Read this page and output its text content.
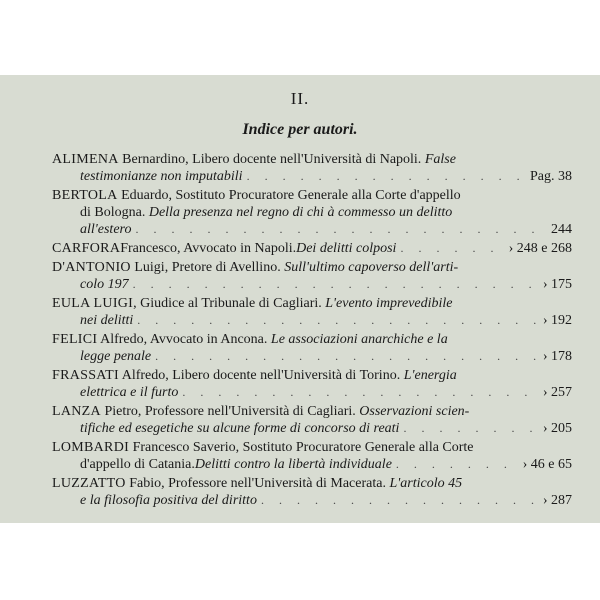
II.
Indice per autori.
ALIMENA Bernardino, Libero docente nell'Università di Napoli. False
testimonianze non imputabili . . .	Pag. 38
BERTOLA Eduardo, Sostituto Procuratore Generale alla Corte d'appello
di Bologna. Della presenza nel regno di chi à commesso un delitto
all'estero . . .	244
CARFORA Francesco, Avvocato in Napoli. Dei delitti colposi . . .	› 248 e 268
D'ANTONIO Luigi, Pretore di Avellino. Sull'ultimo capoverso dell'arti-
colo 197 . . .	› 175
EULA LUIGI, Giudice al Tribunale di Cagliari. L'evento imprevedibile
nei delitti . . .	› 192
FELICI Alfredo, Avvocato in Ancona. Le associazioni anarchiche e la
legge penale . . .	› 178
FRASSATI Alfredo, Libero docente nell'Università di Torino. L'energia
elettrica e il furto . . .	› 257
LANZA Pietro, Professore nell'Università di Cagliari. Osservazioni scien-
tifiche ed esegetiche su alcune forme di concorso di reati . . .	› 205
LOMBARDI Francesco Saverio, Sostituto Procuratore Generale alla Corte
d'appello di Catania. Delitti contro la libertà individuale . . .	› 46 e 65
LUZZATTO Fabio, Professore nell'Università di Macerata. L'articolo 45
e la filosofia positiva del diritto . . .	› 287
